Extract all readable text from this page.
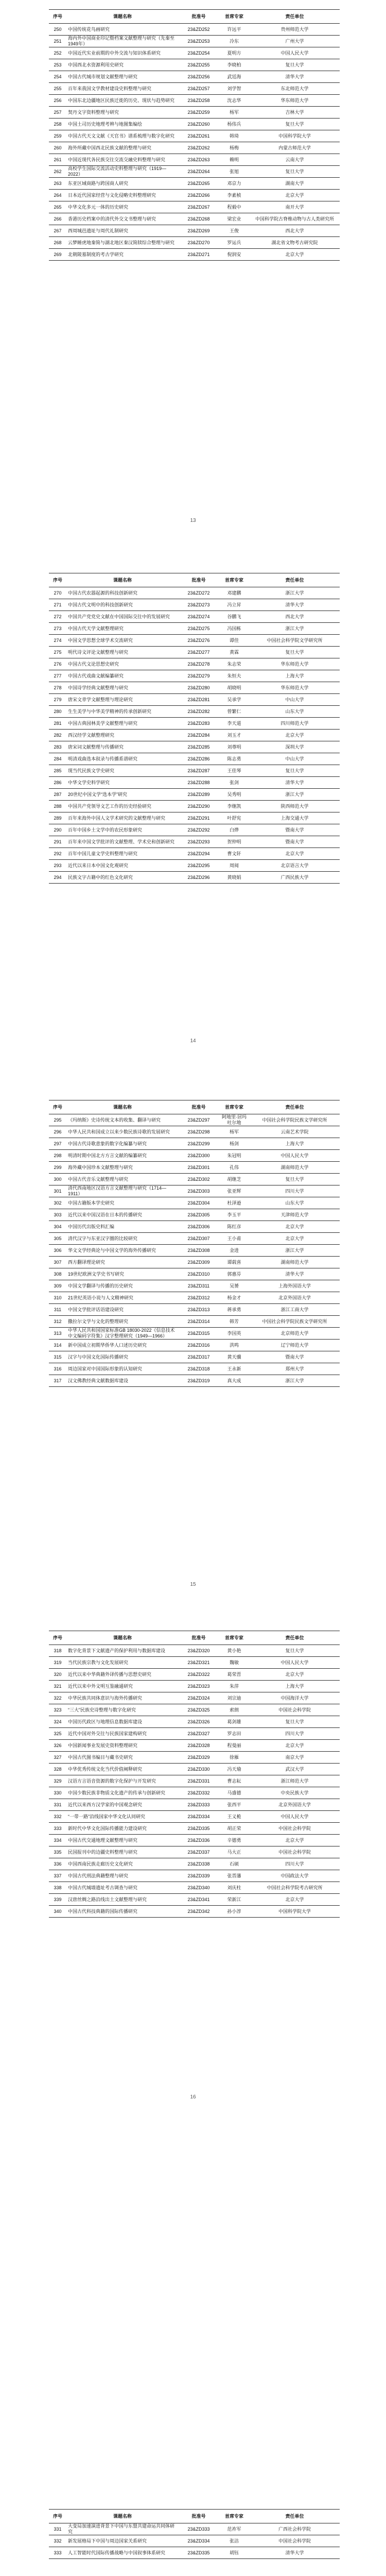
序号	课题名称	批准号	首席专家	责任单位
250	中国传统花鸟画研究	23&ZD252	许远平	贵州师范大学
251	海内外中国商业印记暨档案文献整理与研究（先秦至1949年）	23&ZD253	冷东	广州大学
252	中国近代实业前期的中外交流与知识体系研究	23&ZD254	夏明方	中国人民大学
253	中国西北水资源利用史研究	23&ZD255	李晓柏	复旦大学
254	中国古代城市规划文献整理与研究	23&ZD256	武廷海	清华大学
255	百年来我国文学教材建设史料整理与研究	23&ZD257	刘学智	东北师范大学
256	中国东北边疆地区民族迁徙的历史、现状与趋势研究	23&ZD258	沈志华	华东师范大学
257	契丹文字资料整理与研究	23&ZD259	杨军	吉林大学
258	中国土司历史地理考辨与地图集编绘	23&ZD260	杨伟兵	复旦大学
259	中国古代天文文献《天官书》谱系梳理与数字化研究	23&ZD261	韩琦	中国科学院大学
260	海外所藏中国西北民族文献的整理与研究	23&ZD262	杨梅	内蒙古师范大学
261	中国近现代各民族交往交流交融史料整理与研究	23&ZD263	赖明	云南大学
262	高校学生国际交流活动史料整理与研究（1919—2022）	23&ZD264	张旭	复旦大学
263	东亚区域商路与跨国商人研究	23&ZD265	邓京力	湖南大学
264	日本近代国家经营与文化侵略史料整理研究	23&ZD266	李素桢	北京大学
265	中华文化多元一体的历史研究	23&ZD267	程毅中	南开大学
266	香港历史档案中的清代外交文书整理与研究	23&ZD268	梁宏业	中国科学院古脊椎动物与古人类研究所
267	西周城邑遗址与周代礼制研究	23&ZD269	王俊	西北大学
268	云梦睡虎地秦简与湖北地区秦汉简牍综合整理与研究	23&ZD270	罗运兵	湖北省文物考古研究院
269	北朝陵墓制度的考古学研究	23&ZD271	倪润安	北京大学
13
序号	课题名称	批准号	首席专家	责任单位
270	中国古代农器起源的科技创新研究	23&ZD272	邓建鹏	浙江大学
271	中国古代文明中的科技创新研究	23&ZD273	冯立昇	清华大学
272	中国共产党党史文献在中国国际交往中的发展研究	23&ZD274	谷鹏飞	西北大学
273	中国古代天学文献整理研究	23&ZD275	冯国栋	浙江大学
274	中国文学思想全球学术交流研究	23&ZD276	谭佳	中国社会科学院文学研究所
275	明代诗文评论文献整理与研究	23&ZD277	黄霖	复旦大学
276	中国古代文论思想史研究	23&ZD278	朱志荣	华东师范大学
277	中国古代戏曲文献编纂研究	23&ZD279	朱恒夫	上海大学
278	中国诗学经典文献整理与研究	23&ZD280	胡晓明	华东师范大学
279	唐宋文章学文献整理与理论研究	23&ZD281	吴承学	中山大学
280	生生美学与中华美学精神的传承创新研究	23&ZD282	曾繁仁	山东大学
281	中国古典园林美学文献整理与研究	23&ZD283	李天道	四川师范大学
282	西汉经学文献整理研究	23&ZD284	刘玉才	北京大学
283	唐宋词文献整理与传播研究	23&ZD285	刘尊明	深圳大学
284	明清戏曲选本叙录与传播系谱研究	23&ZD286	陈志勇	中山大学
285	现当代民族文学史研究	23&ZD287	王佳琴	复旦大学
286	中华文学史料学研究	23&ZD288	张剑	清华大学
287	20世纪中国文学“选本学”研究	23&ZD289	吴秀明	浙江大学
288	中国共产党领导文艺工作的历史经验研究	23&ZD290	李继凯	陕西师范大学
289	百年来海外中国人文学术研究的文献整理与研究	23&ZD291	叶舒宪	上海交通大学
290	百年中国乡土文学中的农民形象研究	23&ZD292	白烨	暨南大学
291	百年来中国文学批评的文献整理、学术史和创新研究	23&ZD293	贺仲明	暨南大学
292	百年中国儿童文学史料整理与研究	23&ZD294	曹文轩	北京大学
293	近代以来日本中国文化观研究	23&ZD295	周阅	北京语言大学
294	民族文字古籍中的红色文化研究	23&ZD296	黄晓娟	广西民族大学
14
序号	课题名称	批准号	首席专家	责任单位
295	《玛纳斯》史诗传统文本的收集、翻译与研究	23&ZD297	阿地里·居玛吐尔地	中国社会科学院民族文学研究所
296	中华人民共和国成立以来少数民族诗歌的发展研究	23&ZD298	杨军	云南艺术学院
297	中国古代诗歌意象的数字化编纂与研究	23&ZD299	杨剑	上海大学
298	明清时期中国北方方言文献的编纂研究	23&ZD300	朱冠明	中国人民大学
299	海外藏中国珍本文献整理与研究	23&ZD301	孔伟	湖南师范大学
300	中国古代音乐文献整理与研究	23&ZD302	胡继芝	复旦大学
301	清代西南地区汉语方言文献整理与研究（1714—1911）	23&ZD303	张亚辉	四川大学
302	中国古籍版本学史研究	23&ZD304	杜泽逊	山东大学
303	近代以来中国汉语在日本的传播研究	23&ZD305	李玉平	天津师范大学
304	中国历代出版史料汇编	23&ZD306	陈红彦	北京大学
305	清代汉字与东亚汉字圈的比较研究	23&ZD307	王小甫	北京大学
306	华文文学经典论与中国文学的海外传播研究	23&ZD308	金进	浙江大学
307	西方翻译理论研究	23&ZD309	谭载喜	湖南师范大学
308	19世纪欧洲文学史书写研究	23&ZD310	郭惠芬	清华大学
309	中国文学翻译与传播的历史研究	23&ZD311	吴赟	上海外国语大学
310	21世纪英语小说与人文精神研究	23&ZD312	杨金才	北京外国语大学
311	中国文学批评话语建设研究	23&ZD313	蒋承勇	浙江工商大学
312	撒拉尔文学与文化的整理研究	23&ZD314	韩芳	中国社会科学院民族文学研究所
313	中华人民共和国国家标准GB 18030-2022《信息技术 中文编码字符集》汉字整理研究（1949—1966）	23&ZD315	李国英	北京师范大学
314	新中国成立初期华侨华人口述历史研究	23&ZD316	洪鸣	辽宁师范大学
315	汉字与中国文化国际传播研究	23&ZD317	黄天骥	暨南大学
316	周边国家对中国国际形象的认知研究	23&ZD318	王永新	郑州大学
317	汉文佛教经典文献数据库建设	23&ZD319	真大成	浙江大学
15
序号	课题名称	批准号	首席专家	责任单位
318	数字化背景下文献遗产的保护利用与数据库建设	23&ZD320	黄小艳	复旦大学
319	当代民族宗教与文化发展研究	23&ZD321	魏敏	中国人民大学
320	近代以来中华典籍外译传播与思想史研究	23&ZD322	葛荣晋	北京大学
321	近代以来中外文明互鉴融通研究	23&ZD323	朱萍	上海大学
322	中华民族共同体意识与海外传播研究	23&ZD324	刘宗迪	中国海洋大学
323	“三大”民族史诗整理与数字化研究	23&ZD325	索朗	中国社会科学院
324	中国历代政区与地理信息数据库建设	23&ZD326	葛剑雄	复旦大学
325	近代中国对外交往与民族国家建构研究	23&ZD327	罗志田	四川大学
326	中国新闻事业发展史资料整理研究	23&ZD328	程曼丽	北京大学
327	中国古代图书编目与藏书史研究	23&ZD329	徐雁	南京大学
328	中华优秀传统文化当代价值阐释研究	23&ZD330	冯天瑜	武汉大学
329	汉语方言语音资源的数字化保护与开发研究	23&ZD331	曹志耘	浙江师范大学
330	中国少数民族非物质文化遗产的传承与创新研究	23&ZD332	马盛德	中央民族大学
331	近代以来西方汉学家的中国观念研究	23&ZD333	张西平	北京外国语大学
332	“一带一路”沿线国家中华文化认同研究	23&ZD334	王义桅	中国人民大学
333	新时代中华文化国际传播能力建设研究	23&ZD335	胡正荣	中国社会科学院
334	中国古代交通地理文献整理与研究	23&ZD336	辛德勇	北京大学
335	民国报刊中的边疆史料整理与研究	23&ZD337	马大正	中国社会科学院
336	中国西南民族走廊历史文化研究	23&ZD338	石硕	四川大学
337	中国古代刑法典籍整理与研究	23&ZD339	张晋藩	中国政法大学
338	中国古代城墙遗址考古调查与研究	23&ZD340	刘庆柱	中国社会科学院考古研究所
339	汉唐丝绸之路沿线出土文献整理与研究	23&ZD341	荣新江	北京大学
340	中国古代科技典籍的国际传播研究	23&ZD342	孙小淳	中国科学院大学
16
序号	课题名称	批准号	首席专家	责任单位
331	大变局加速演进背景下中国与东盟共建命运共同体研究	23&ZD333	范祚军	广西社会科学院
332	新发展格局下中国与周边国家关系研究	23&ZD334	张洁	中国社会科学院
333	人工智能时代国际传播战略与中国叙事体系研究	23&ZD335	胡钰	清华大学
